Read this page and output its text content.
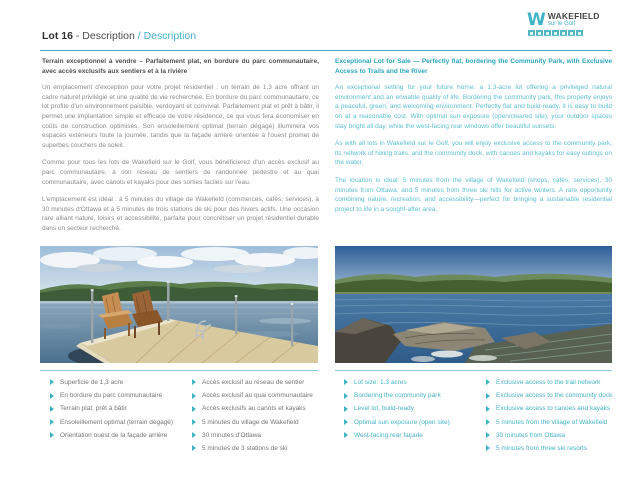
Lot 16 - Description / Description
W WAKEFIELD
sur le Golf
Terrain exceptionnel à vendre – Parfaitement plat, en bordure du parc communautaire, avec accès exclusifs aux sentiers et à la rivière

Un emplacement d'exception pour votre projet résidentiel : un terrain de 1,3 acre offrant un cadre naturel privilégié et une qualité de vie recherchée. En bordure du parc communautaire, ce lot profite d'un environnement paisible, verdoyant et convivial. Parfaitement plat et prêt à bâtir, il permet une implantation simple et efficace de votre résidence, ce qui vous fera économiser en coûts de construction optimisés. Son ensoleillement optimal (terrain dégagé) illuminera vos espaces extérieurs toute la journée, tandis que la façade arrière orientée à l'ouest promet de superbes couchers de soleil.

Comme pour tous les lots de Wakefield sur le Golf, vous bénéficierez d'un accès exclusif au parc communautaire, à son réseau de sentiers de randonnée pédestre et au quai communautaire, avec canots et kayaks pour des sorties faciles sur l'eau.

L'emplacement est idéal : à 5 minutes du village de Wakefield (commerces, cafés, services), à 30 minutes d'Ottawa et à 5 minutes de trois stations de ski pour des hivers actifs. Une occasion rare alliant nature, loisirs et accessibilité, parfaite pour concrétiser un projet résidentiel durable dans un secteur recherché.

Exceptional Lot for Sale — Perfectly flat, bordering the Community Park, with Exclusive Access to Trails and the River

An exceptional setting for your future home: a 1.3-acre lot offering a privileged natural environment and an enviable quality of life. Bordering the community park, this property enjoys a peaceful, green, and welcoming environment. Perfectly flat and build-ready, it is easy to build on at a reasonable cost. With optimal sun exposure (open/cleared site), your outdoor spaces stay bright all day, while the west-facing rear windows offer beautiful sunsets.

As with all lots in Wakefield sur le Golf, you will enjoy exclusive access to the community park, its network of hiking trails, and the community dock, with canoes and kayaks for easy outings on the water.

The location is ideal: 5 minutes from the village of Wakefield (shops, cafés, services), 30 minutes from Ottawa, and 5 minutes from three ski hills for active winters. A rare opportunity combining nature, recreation, and accessibility—perfect for bringing a sustainable residential project to life in a sought-after area.

Superficie de 1,3 acre
En bordure du parc communautaire
Terrain plat, prêt à bâtir
Ensoleillement optimal (terrain dégagé)
Orientation ouest de la façade arrière
Accès exclusif au réseau de sentier
Accès exclusif au quai communautaire
Accès exclusifs au canots et kayaks
5 minutes du village de Wakefield
30 minutes d'Ottawa
5 minutes de 3 stations de ski
Lot size: 1.3 acres
Bordering the community park
Level lot, build-ready
Optimal sun exposure (open site)
West-facing rear façade
Exclusive access to the trail network
Exclusive access to the community dock
Exclusive access to canoes and kayaks
5 minutes from the village of Wakefield
30 minutes from Ottawa
5 minutes from three ski resorts
